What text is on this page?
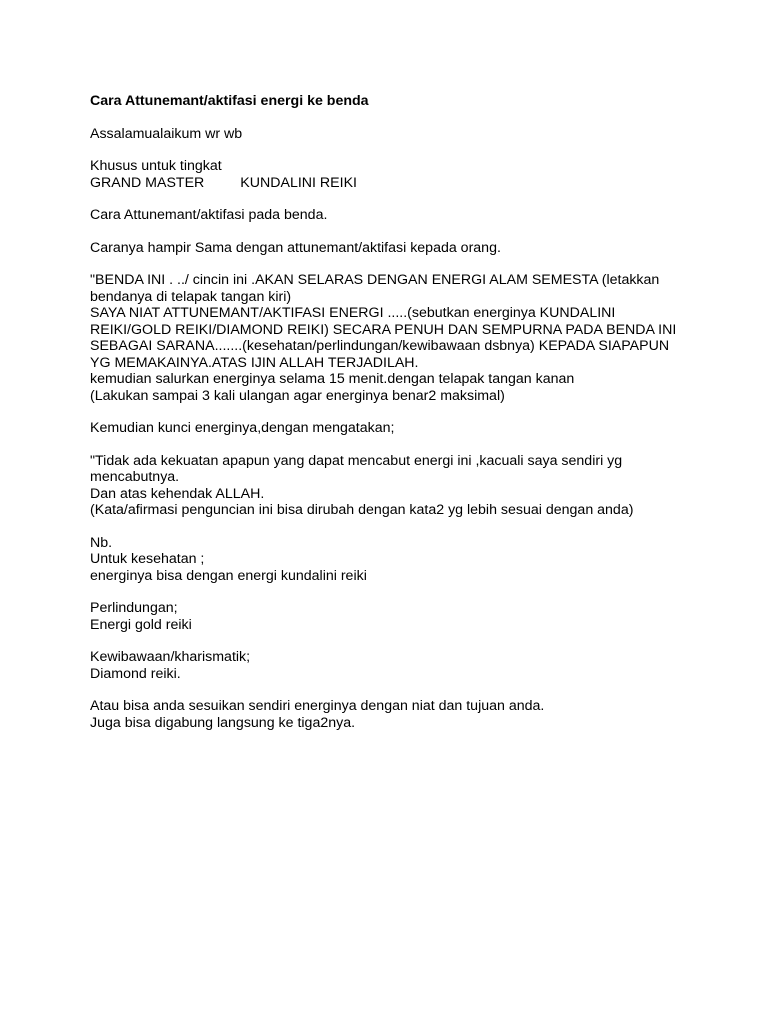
Cara Attunemant/aktifasi energi ke benda
Assalamualaikum wr wb
Khusus untuk tingkat
GRAND MASTER	KUNDALINI REIKI
Cara Attunemant/aktifasi pada benda.
Caranya hampir Sama dengan attunemant/aktifasi kepada orang.
"BENDA INI . ../ cincin ini .AKAN SELARAS DENGAN ENERGI ALAM SEMESTA (letakkan
bendanya di telapak tangan kiri)
SAYA NIAT ATTUNEMANT/AKTIFASI ENERGI .....(sebutkan energinya KUNDALINI
REIKI/GOLD REIKI/DIAMOND REIKI) SECARA PENUH DAN SEMPURNA PADA BENDA INI
SEBAGAI SARANA.......(kesehatan/perlindungan/kewibawaan dsbnya) KEPADA SIAPAPUN
YG MEMAKAINYA.ATAS IJIN ALLAH TERJADILAH.
kemudian salurkan energinya selama 15 menit.dengan telapak tangan kanan
(Lakukan sampai 3 kali ulangan agar energinya benar2 maksimal)
Kemudian kunci energinya,dengan mengatakan;
"Tidak ada kekuatan apapun yang dapat mencabut energi ini ,kacuali saya sendiri yg
mencabutnya.
Dan atas kehendak ALLAH.
(Kata/afirmasi penguncian ini bisa dirubah dengan kata2 yg lebih sesuai dengan anda)
Nb.
Untuk kesehatan ;
energinya bisa dengan energi kundalini reiki
Perlindungan;
Energi gold reiki
Kewibawaan/kharismatik;
Diamond reiki.
Atau bisa anda sesuikan sendiri energinya dengan niat dan tujuan anda.
Juga bisa digabung langsung ke tiga2nya.
